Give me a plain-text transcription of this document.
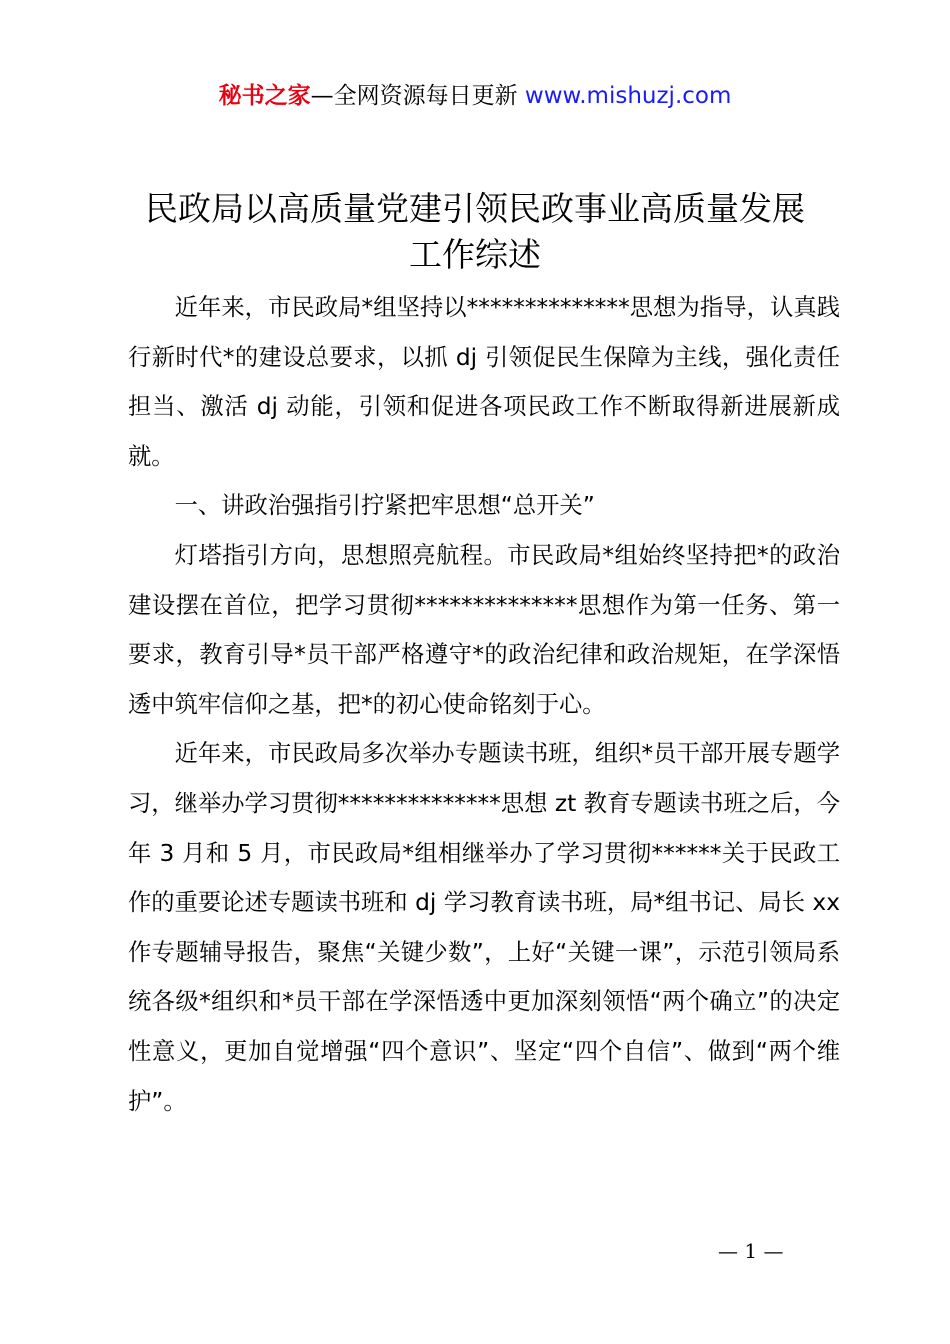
秘书之家—全网资源每日更新 www.mishuzj.com
民政局以高质量党建引领民政事业高质量发展
工作综述

近年来，市民政局*组坚持以**************思想为指导，认真践行新时代*的建设总要求，以抓 dj 引领促民生保障为主线，强化责任担当、激活 dj 动能，引领和促进各项民政工作不断取得新进展新成就。

一、讲政治强指引拧紧把牢思想“总开关”

灯塔指引方向，思想照亮航程。市民政局*组始终坚持把*的政治建设摆在首位，把学习贯彻**************思想作为第一任务、第一要求，教育引导*员干部严格遵守*的政治纪律和政治规矩，在学深悟透中筑牢信仰之基，把*的初心使命铭刻于心。

近年来，市民政局多次举办专题读书班，组织*员干部开展专题学习，继举办学习贯彻**************思想 zt 教育专题读书班之后，今年 3 月和 5 月，市民政局*组相继举办了学习贯彻******关于民政工作的重要论述专题读书班和 dj 学习教育读书班，局*组书记、局长 xx 作专题辅导报告，聚焦“关键少数”，上好“关键一课”，示范引领局系统各级*组织和*员干部在学深悟透中更加深刻领悟“两个确立”的决定性意义，更加自觉增强“四个意识”、坚定“四个自信”、做到“两个维护”。

— 1 —
